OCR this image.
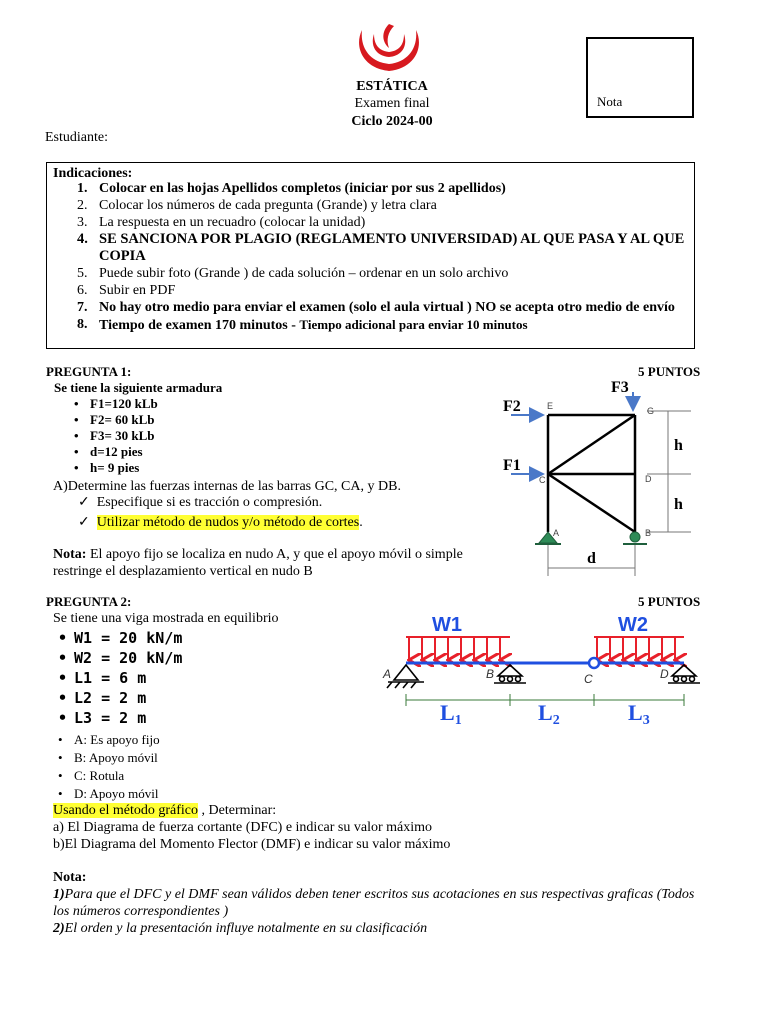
ESTÁTICA
Examen final
Ciclo 2024-00
Nota
Estudiante:
Indicaciones:
1. Colocar en las hojas Apellidos completos (iniciar por sus 2 apellidos)
2. Colocar los números de cada pregunta (Grande) y letra clara
3. La respuesta en un recuadro (colocar la unidad)
4. SE SANCIONA POR PLAGIO (REGLAMENTO UNIVERSIDAD) AL QUE PASA Y AL QUE COPIA
5. Puede subir foto (Grande ) de cada solución – ordenar en un solo archivo
6. Subir en PDF
7. No hay otro medio para enviar el examen (solo el aula virtual ) NO se acepta otro medio de envío
8. Tiempo de examen 170 minutos - Tiempo adicional para enviar 10 minutos
PREGUNTA 1:	5 PUNTOS
Se tiene la siguiente armadura
• F1=120 kLb
• F2= 60 kLb
• F3= 30 kLb
• d=12 pies
• h= 9 pies
A)Determine las fuerzas internas de las barras GC, CA, y DB.
✓ Especifique si es tracción o compresión.
✓ Utilizar método de nudos y/o método de cortes.
Nota: El apoyo fijo se localiza en nudo A, y que el apoyo móvil o simple restringe el desplazamiento vertical en nudo B
F2
F1
F3
h
h
d
E	G
C	D
A	B
PREGUNTA 2:	5 PUNTOS
Se tiene una viga mostrada en equilibrio
• W1 = 20 kN/m
• W2 = 20 kN/m
• L1 = 6 m
• L2 = 2 m
• L3 = 2 m
• A: Es apoyo fijo
• B: Apoyo móvil
• C: Rotula
• D: Apoyo móvil
Usando el método gráfico , Determinar:
a) El Diagrama de fuerza cortante (DFC) e indicar su valor máximo
b)El Diagrama del Momento Flector (DMF) e indicar su valor máximo
Nota:
1)Para que el DFC y el DMF sean válidos deben tener escritos sus acotaciones en sus respectivas graficas (Todos los números correspondientes )
2)El orden y la presentación influye notalmente en su clasificación
W1	W2
A	B	C	D
L1	L2	L3
